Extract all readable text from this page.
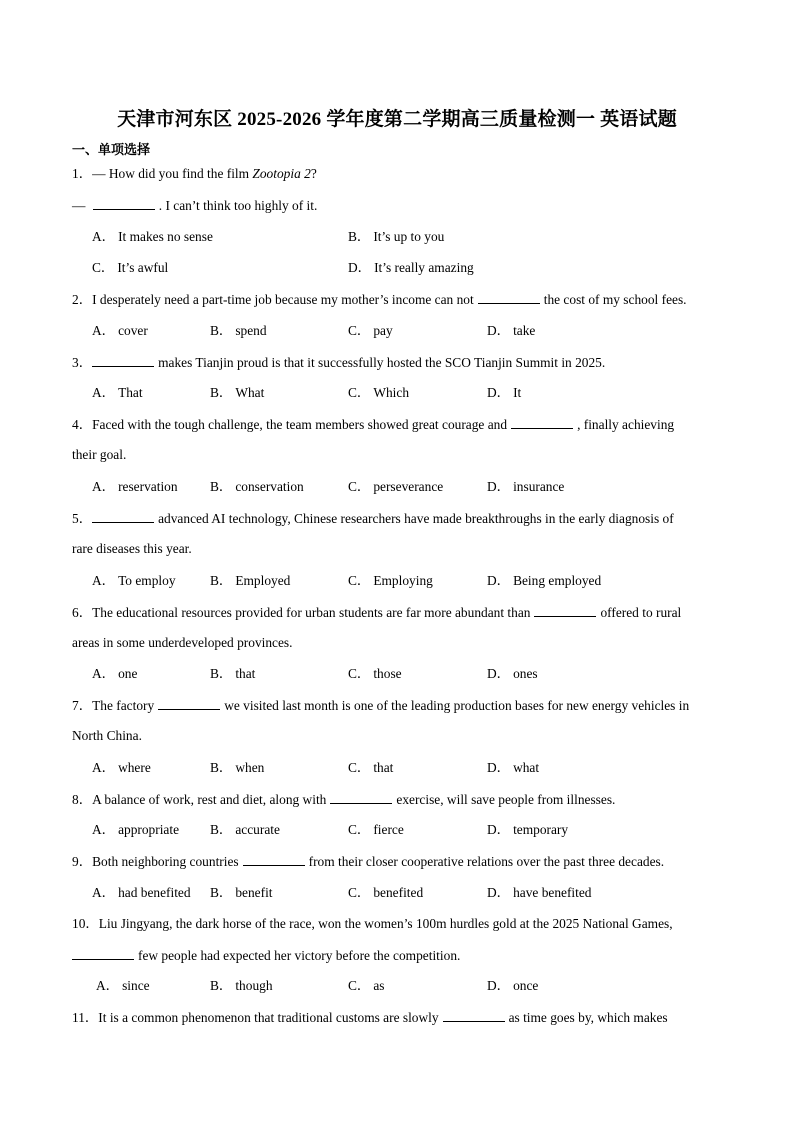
天津市河东区 2025-2026 学年度第二学期高三质量检测一 英语试题
一、单项选择
1．— How did you find the film Zootopia 2?
—	. I can’t think too highly of it.
A． It makes no sense	B． It’s up to you
C． It’s awful	D． It’s really amazing
2．I desperately need a part-time job because my mother’s income can not	the cost of my school fees.
A． cover	B． spend	C． pay	D． take
3．	makes Tianjin proud is that it successfully hosted the SCO Tianjin Summit in 2025.
A． That	B． What	C． Which	D． It
4．Faced with the tough challenge, the team members showed great courage and	, finally achieving
their goal.
A． reservation B． conservation	C． perseverance	D． insurance
5．	advanced AI technology, Chinese researchers have made breakthroughs in the early diagnosis of
rare diseases this year.
A． To employ	B． Employed	C． Employing	D． Being employed
6．The educational resources provided for urban students are far more abundant than	offered to rural
areas in some underdeveloped provinces.
A． one	B． that	C． those	D． ones
7．The factory	we visited last month is one of the leading production bases for new energy vehicles in
North China.
A． where	B． when	C． that	D． what
8．A balance of work, rest and diet, along with	exercise, will save people from illnesses.
A． appropriate B． accurate	C． fierce	D． temporary
9．Both neighboring countries	from their closer cooperative relations over the past three decades.
A． had benefited B． benefit	C． benefited	D． have benefited
10．Liu Jingyang, the dark horse of the race, won the women’s 100m hurdles gold at the 2025 National Games,
few people had expected her victory before the competition.
A． since	B． though	C． as	D． once
11．It is a common phenomenon that traditional customs are slowly	as time goes by, which makes
